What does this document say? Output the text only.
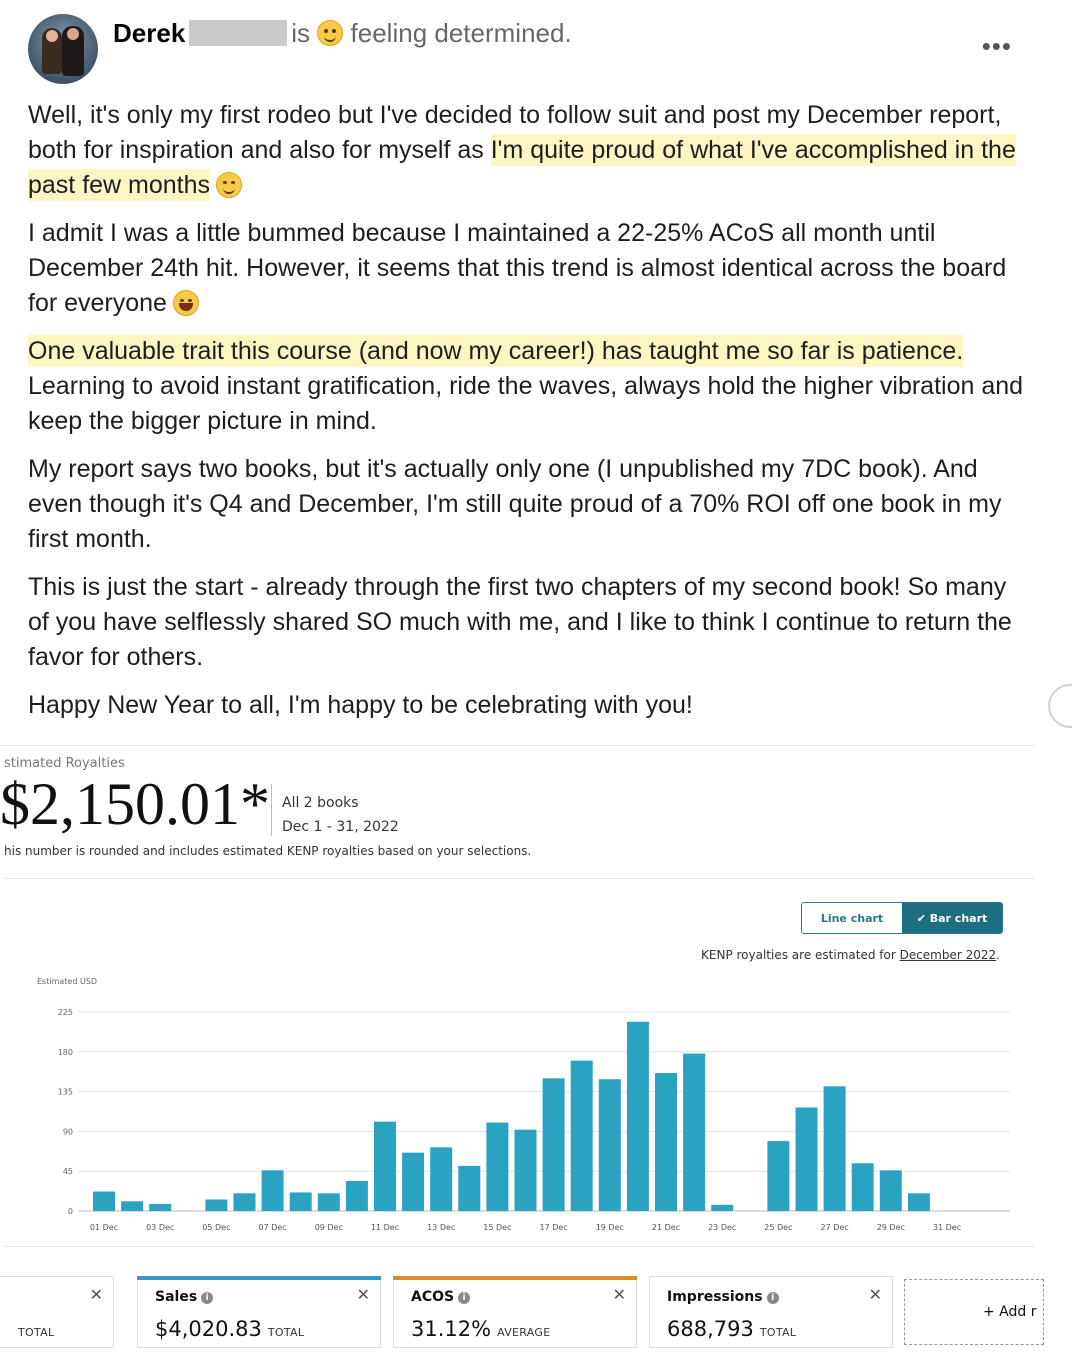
Derek	is feeling determined.	•••

Well, it's only my first rodeo but I've decided to follow suit and post my December report, both for inspiration and also for myself as I'm quite proud of what I've accomplished in the past few months

I admit I was a little bummed because I maintained a 22-25% ACoS all month until December 24th hit. However, it seems that this trend is almost identical across the board for everyone

One valuable trait this course (and now my career!) has taught me so far is patience. Learning to avoid instant gratification, ride the waves, always hold the higher vibration and keep the bigger picture in mind.

My report says two books, but it's actually only one (I unpublished my 7DC book). And even though it's Q4 and December, I'm still quite proud of a 70% ROI off one book in my first month.

This is just the start - already through the first two chapters of my second book! So many of you have selflessly shared SO much with me, and I like to think I continue to return the favor for others.

Happy New Year to all, I'm happy to be celebrating with you!

stimated Royalties
$2,150.01* All 2 books
Dec 1 - 31, 2022
his number is rounded and includes estimated KENP royalties based on your selections.
Line chart	✔ Bar chart
KENP royalties are estimated for December 2022.
Estimated USD
225
180
135
90
45
0
01 Dec	03 Dec	05 Dec	07 Dec	09 Dec	11 Dec	13 Dec	15 Dec	17 Dec	19 Dec	21 Dec	23 Dec	25 Dec	27 Dec	29 Dec	31 Dec
TOTAL
✕	Sales i
$4,020.83 TOTAL
✕	ACOS i
31.12% AVERAGE
✕	Impressions i
688,793 TOTAL
✕
+ Add r
